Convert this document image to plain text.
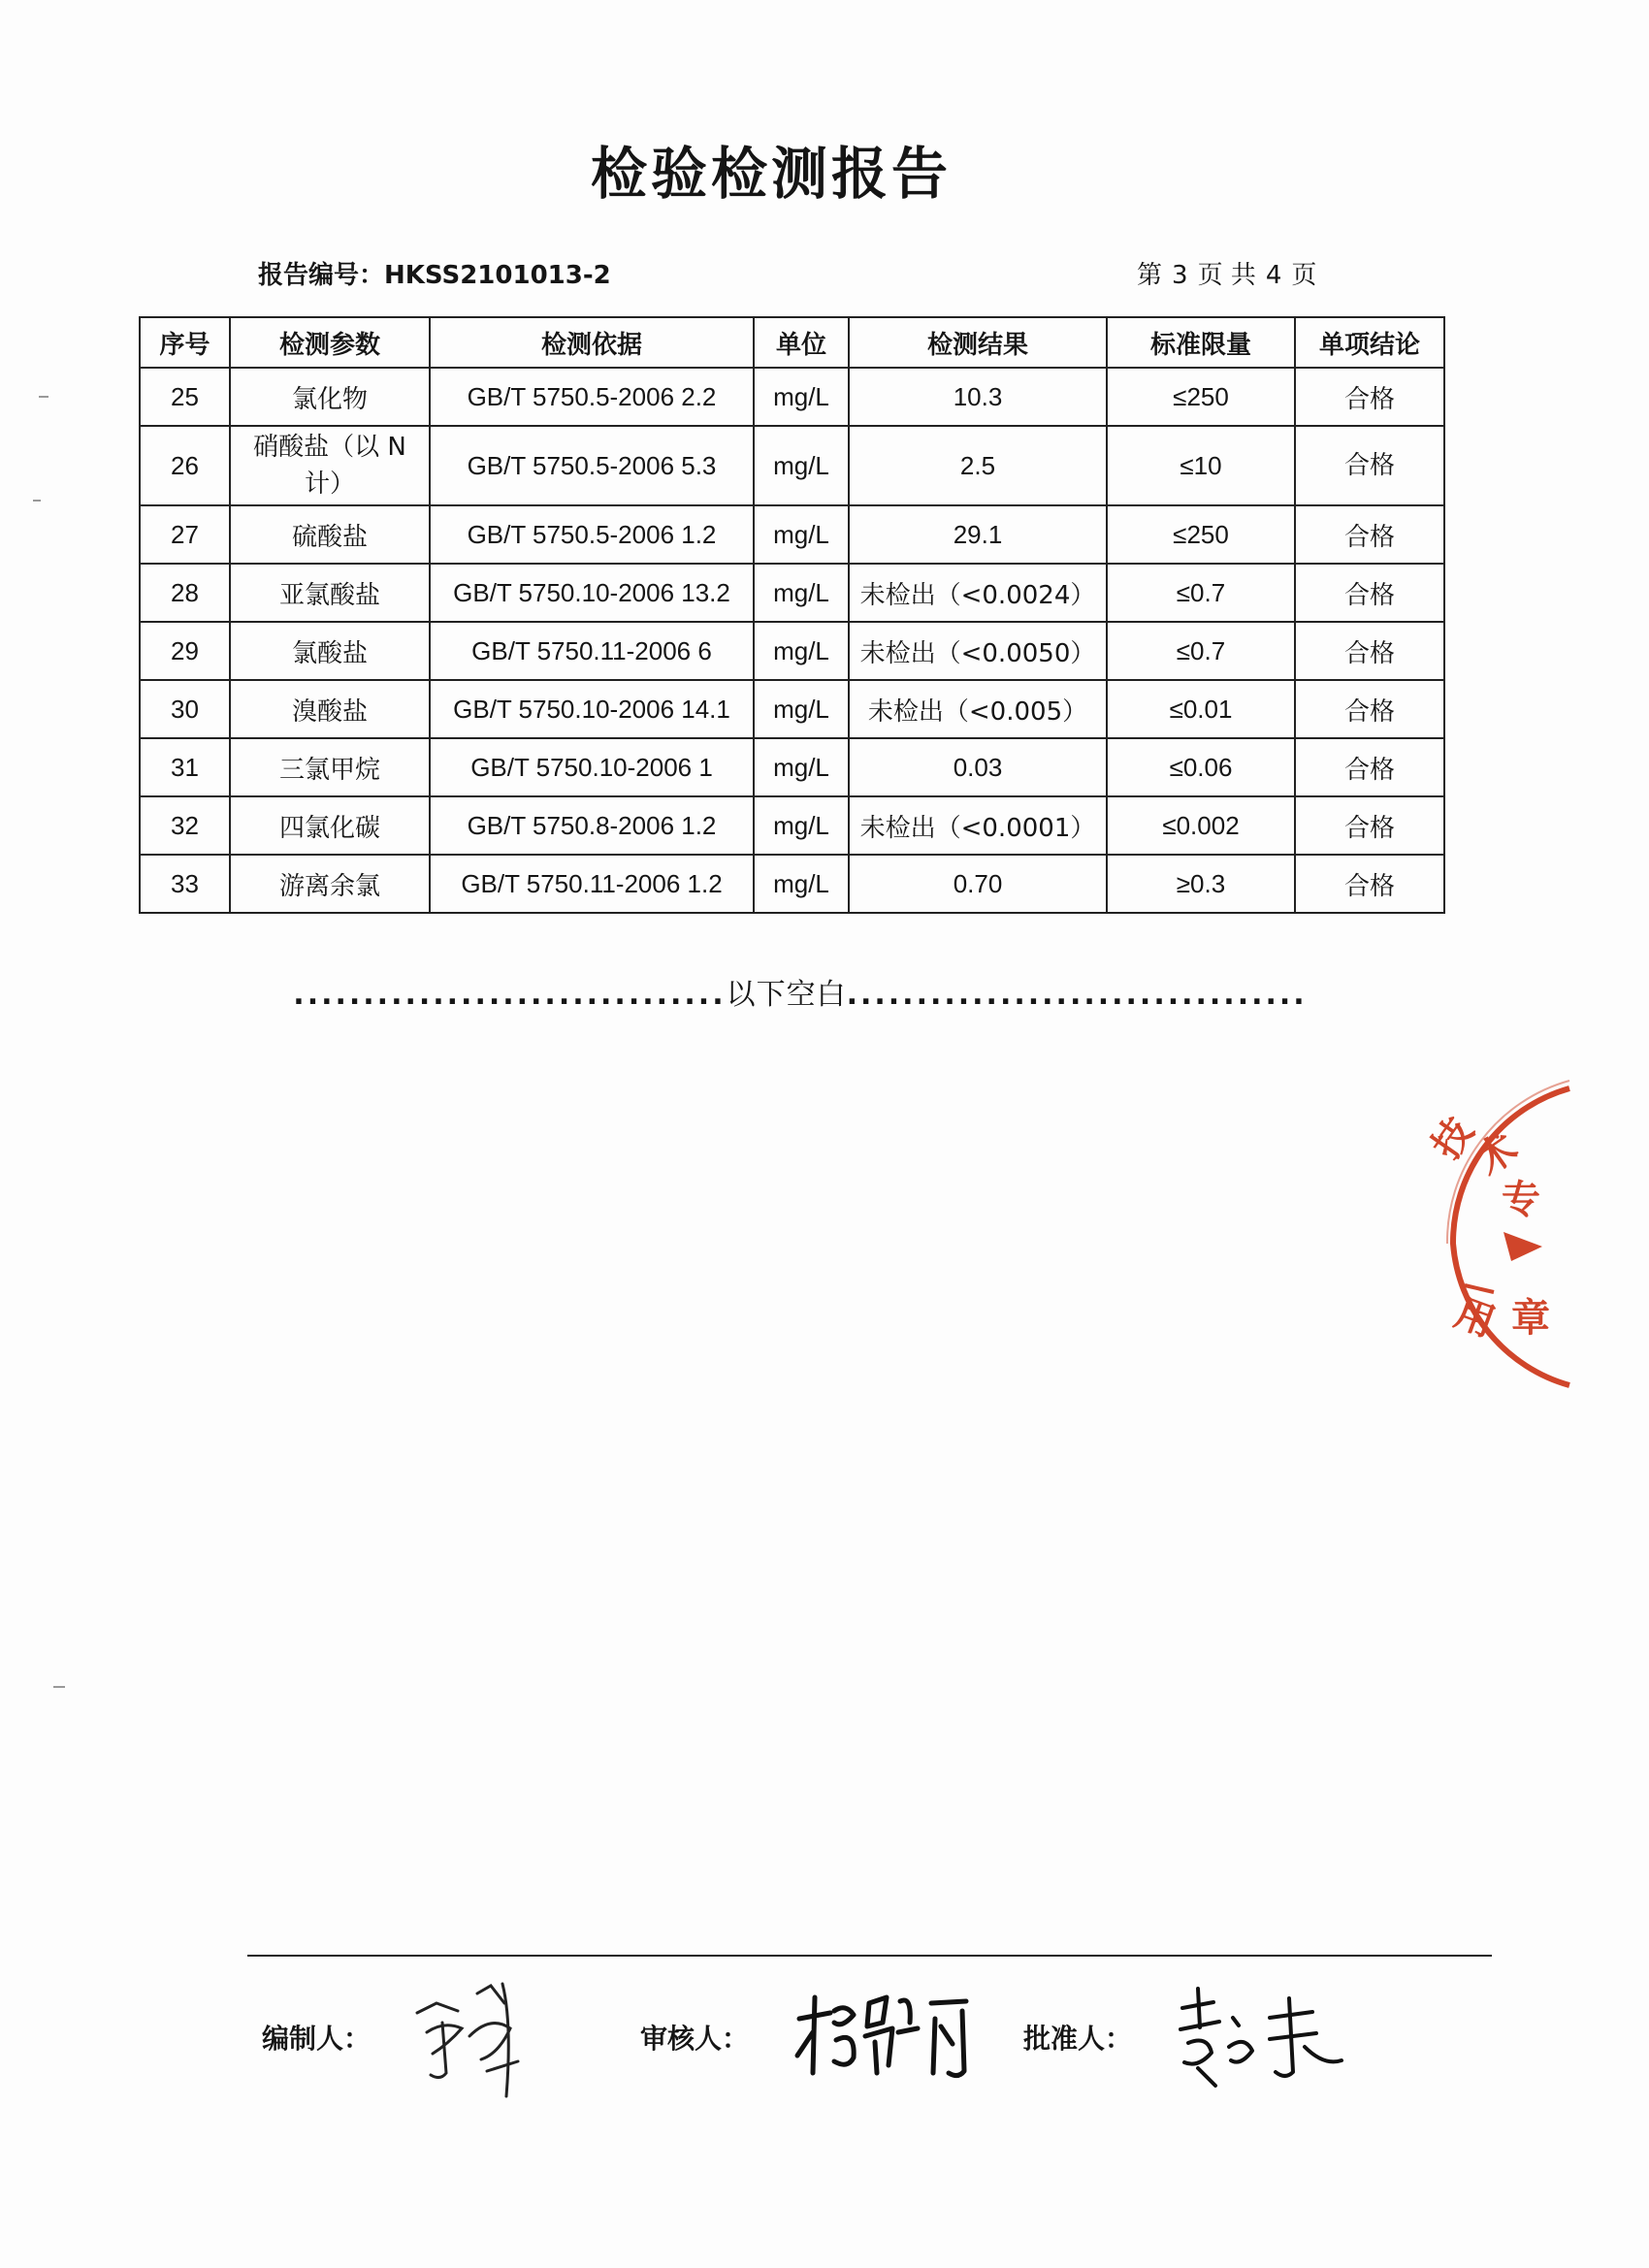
检验检测报告
报告编号：HKSS2101013-2	第 3 页 共 4 页
序号	检测参数	检测依据	单位	检测结果	标准限量	单项结论
25	氯化物	GB/T 5750.5-2006 2.2	mg/L	10.3	≤250	合格
26	硝酸盐（以 N 计）	GB/T 5750.5-2006 5.3	mg/L	2.5	≤10	合格
27	硫酸盐	GB/T 5750.5-2006 1.2	mg/L	29.1	≤250	合格
28	亚氯酸盐	GB/T 5750.10-2006 13.2	mg/L	未检出（<0.0024）	≤0.7	合格
29	氯酸盐	GB/T 5750.11-2006 6	mg/L	未检出（<0.0050）	≤0.7	合格
30	溴酸盐	GB/T 5750.10-2006 14.1	mg/L	未检出（<0.005）	≤0.01	合格
31	三氯甲烷	GB/T 5750.10-2006 1	mg/L	0.03	≤0.06	合格
32	四氯化碳	GB/T 5750.8-2006 1.2	mg/L	未检出（<0.0001）	≤0.002	合格
33	游离余氯	GB/T 5750.11-2006 1.2	mg/L	0.70	≥0.3	合格
...............................以下空白.................................
技
术
专
用 章
编制人：	审核人：	批准人：
